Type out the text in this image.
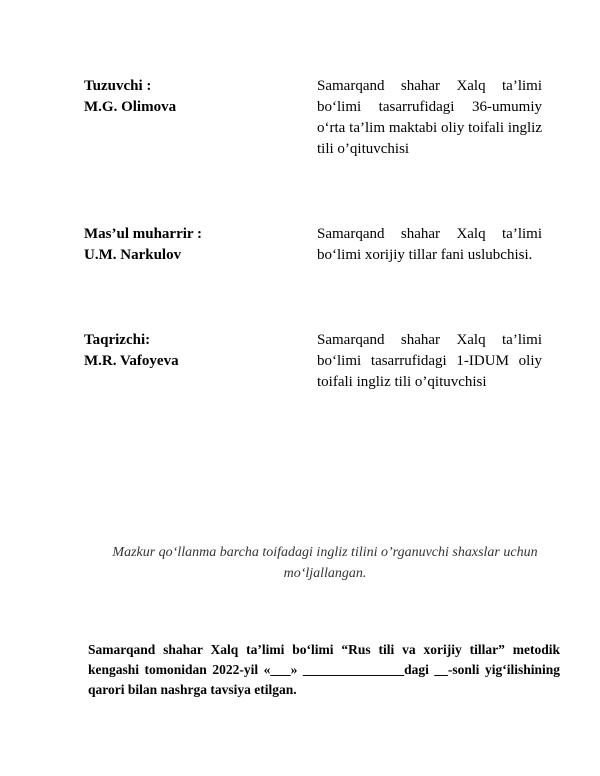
Tuzuvchi :
M.G. Olimova
Samarqand shahar Xalq ta’limi bo‘limi tasarrufidagi 36-umumiy o‘rta ta’lim maktabi oliy toifali ingliz tili o’qituvchisi
Mas’ul muharrir :
U.M. Narkulov
Samarqand shahar Xalq ta’limi bo‘limi xorijiy tillar fani uslubchisi.
Taqrizchi:
M.R. Vafoyeva
Samarqand shahar Xalq ta’limi bo‘limi tasarrufidagi 1-IDUM oliy toifali ingliz tili o’qituvchisi
Mazkur qo‘llanma barcha toifadagi ingliz tilini o’rganuvchi shaxslar uchun mo‘ljallangan.
Samarqand shahar Xalq ta’limi bo‘limi “Rus tili va xorijiy tillar” metodik kengashi tomonidan 2022-yil «___» _______________dagi __-sonli yig‘ilishining qarori bilan nashrga tavsiya etilgan.
